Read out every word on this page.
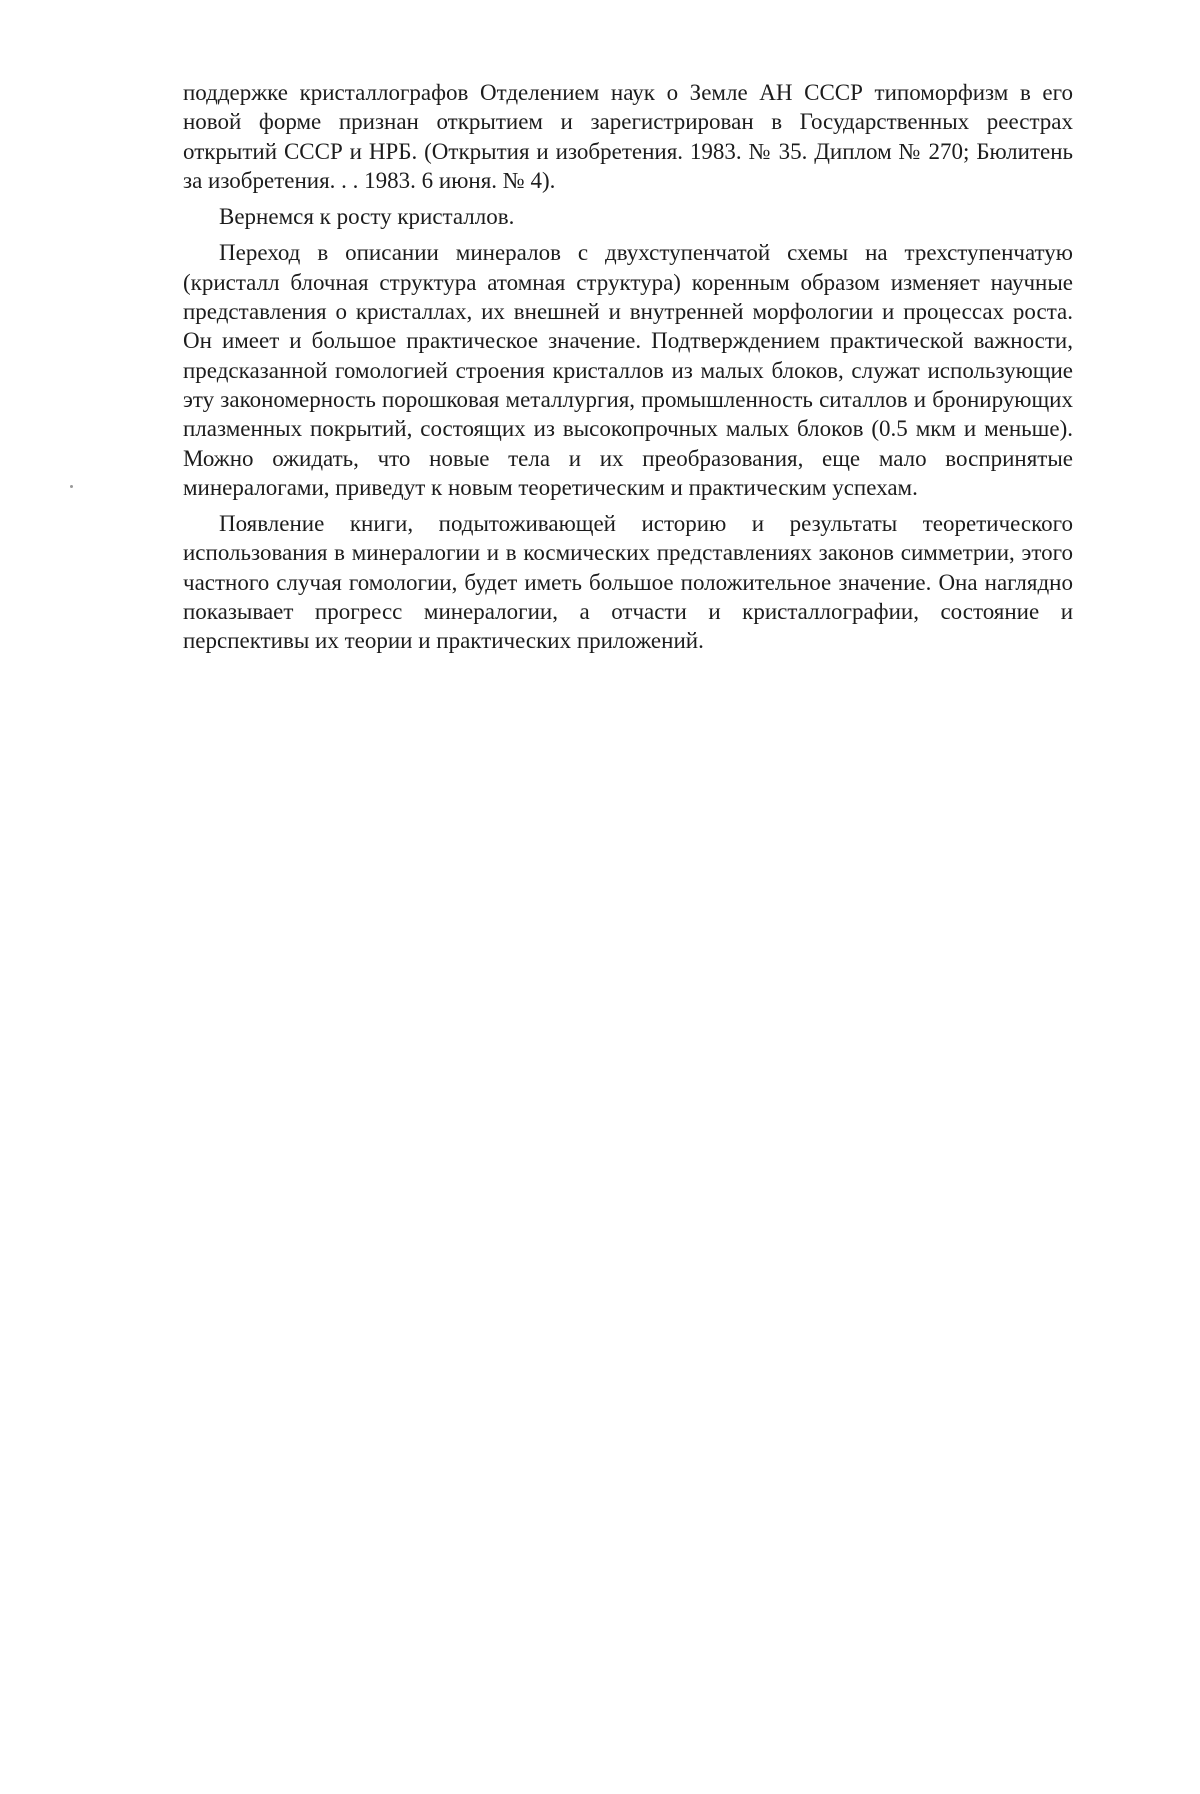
поддержке кристаллографов Отделением наук о Земле АН СССР типоморфизм в его новой форме признан открытием и зарегистрирован в Государственных реестрах открытий СССР и НРБ. (Открытия и изобретения. 1983. № 35. Диплом № 270; Бюлитень за изобретения. . . 1983. 6 июня. № 4).

Вернемся к росту кристаллов.

Переход в описании минералов с двухступенчатой схемы на трехступенчатую (кристалл блочная структура атомная структура) коренным образом изменяет научные представления о кристаллах, их внешней и внутренней морфологии и процессах роста. Он имеет и большое практическое значение. Подтверждением практической важности, предсказанной гомологией строения кристаллов из малых блоков, служат использующие эту закономерность порошковая металлургия, промышленность ситаллов и бронирующих плазменных покрытий, состоящих из высокопрочных малых блоков (0.5 мкм и меньше). Можно ожидать, что новые тела и их преобразования, еще мало воспринятые минералогами, приведут к новым теоретическим и практическим успехам.

Появление книги, подытоживающей историю и результаты теоретического использования в минералогии и в космических представлениях законов симметрии, этого частного случая гомологии, будет иметь большое положительное значение. Она наглядно показывает прогресс минералогии, а отчасти и кристаллографии, состояние и перспективы их теории и практических приложений.
